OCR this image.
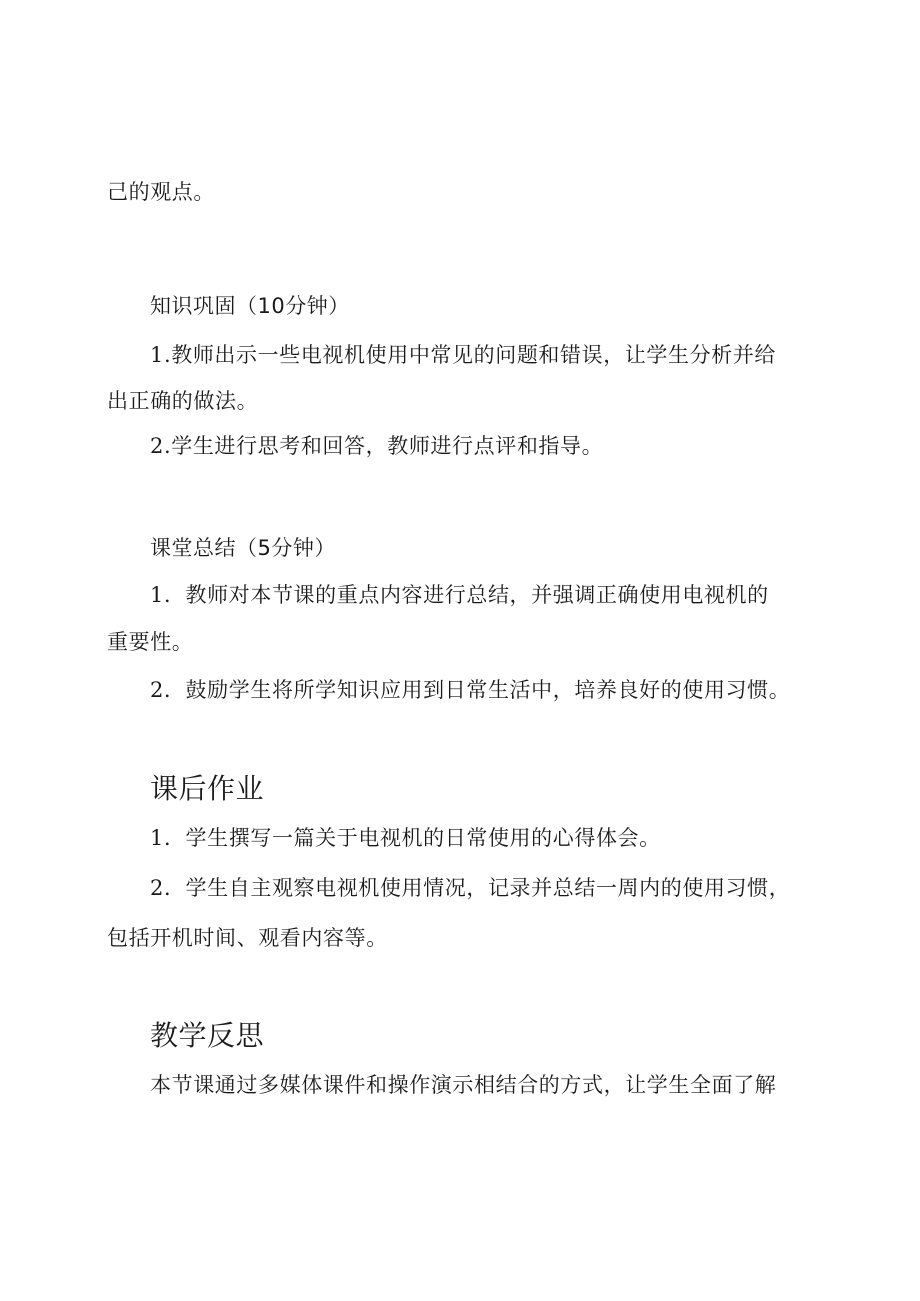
己的观点。
知识巩固（10分钟）
1.教师出示一些电视机使用中常见的问题和错误，让学生分析并给
出正确的做法。
2.学生进行思考和回答，教师进行点评和指导。
课堂总结（5分钟）
1．教师对本节课的重点内容进行总结，并强调正确使用电视机的
重要性。
2．鼓励学生将所学知识应用到日常生活中，培养良好的使用习惯。
课后作业
1．学生撰写一篇关于电视机的日常使用的心得体会。
2．学生自主观察电视机使用情况，记录并总结一周内的使用习惯，
包括开机时间、观看内容等。
教学反思
本节课通过多媒体课件和操作演示相结合的方式，让学生全面了解
